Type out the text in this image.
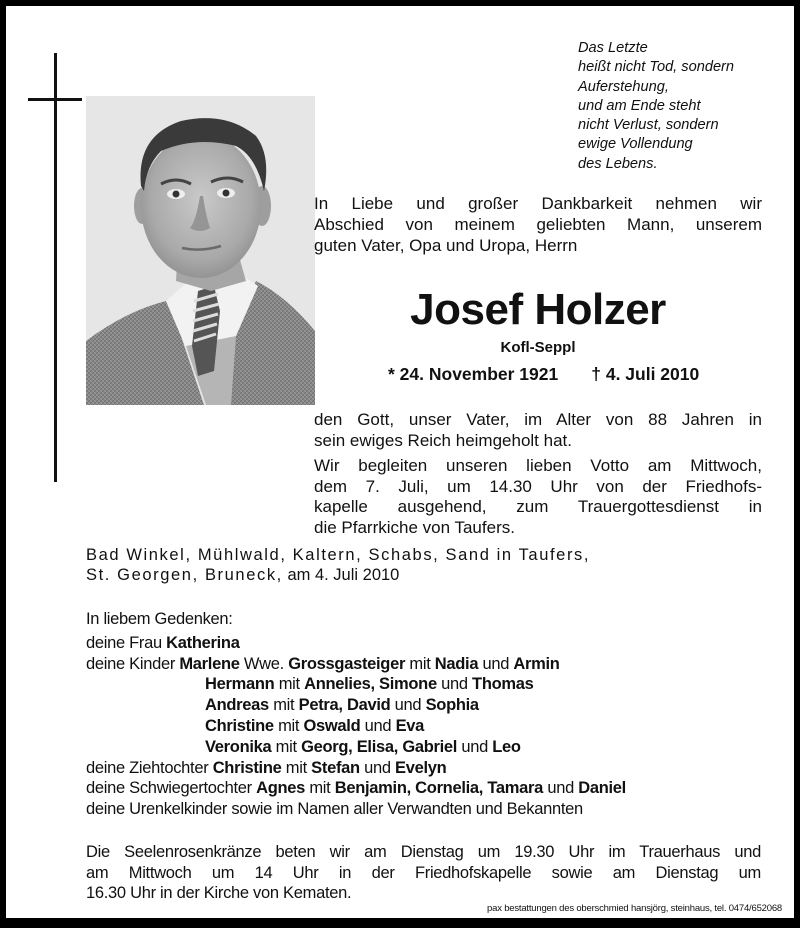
Das Letzte
heißt nicht Tod, sondern
Auferstehung,
und am Ende steht
nicht Verlust, sondern
ewige Vollendung
des Lebens.
In Liebe und großer Dankbarkeit nehmen wir
Abschied von meinem geliebten Mann, unserem
guten Vater, Opa und Uropa, Herrn
Josef Holzer
Kofl-Seppl
* 24. November 1921 † 4. Juli 2010
den Gott, unser Vater, im Alter von 88 Jahren in
sein ewiges Reich heimgeholt hat.
Wir begleiten unseren lieben Votto am Mittwoch,
dem 7. Juli, um 14.30 Uhr von der Friedhofs-
kapelle ausgehend, zum Trauergottesdienst in
die Pfarrkiche von Taufers.
Bad Winkel, Mühlwald, Kaltern, Schabs, Sand in Taufers,
St. Georgen, Bruneck, am 4. Juli 2010
In liebem Gedenken:
deine Frau Katherina
deine Kinder Marlene Wwe. Grossgasteiger mit Nadia und Armin
Hermann mit Annelies, Simone und Thomas
Andreas mit Petra, David und Sophia
Christine mit Oswald und Eva
Veronika mit Georg, Elisa, Gabriel und Leo
deine Ziehtochter Christine mit Stefan und Evelyn
deine Schwiegertochter Agnes mit Benjamin, Cornelia, Tamara und Daniel
deine Urenkelkinder sowie im Namen aller Verwandten und Bekannten
Die Seelenrosenkränze beten wir am Dienstag um 19.30 Uhr im Trauerhaus und
am Mittwoch um 14 Uhr in der Friedhofskapelle sowie am Dienstag um
16.30 Uhr in der Kirche von Kematen.
pax bestattungen des oberschmied hansjörg, steinhaus, tel. 0474/652068
